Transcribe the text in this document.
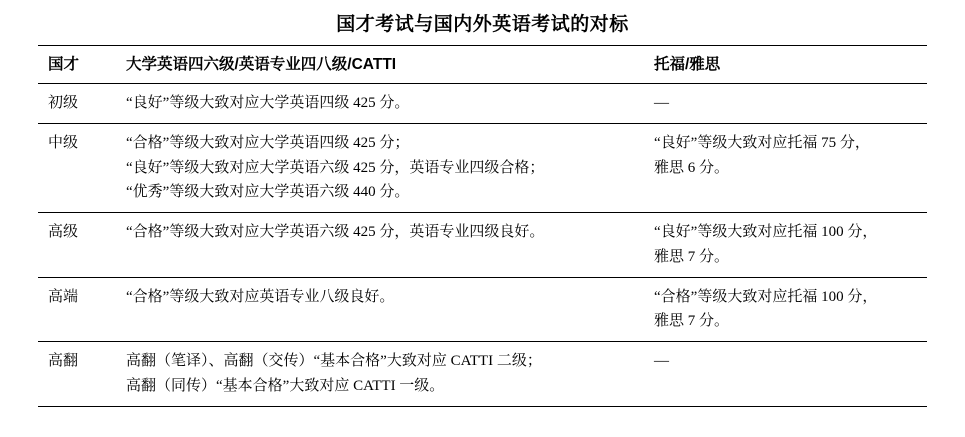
国才考试与国内外英语考试的对标
国才	大学英语四六级/英语专业四八级/CATTI	托福/雅思
初级	“良好”等级大致对应大学英语四级 425 分。	—

中级	“合格”等级大致对应大学英语四级 425 分；
“良好”等级大致对应大学英语六级 425 分，英语专业四级合格；
“优秀”等级大致对应大学英语六级 440 分。	“良好”等级大致对应托福 75 分，
雅思 6 分。

高级	“合格”等级大致对应大学英语六级 425 分，英语专业四级良好。	“良好”等级大致对应托福 100 分，
雅思 7 分。

高端	“合格”等级大致对应英语专业八级良好。	“合格”等级大致对应托福 100 分，
雅思 7 分。

高翻	高翻（笔译）、高翻（交传）“基本合格”大致对应 CATTI 二级；
高翻（同传）“基本合格”大致对应 CATTI 一级。	—
